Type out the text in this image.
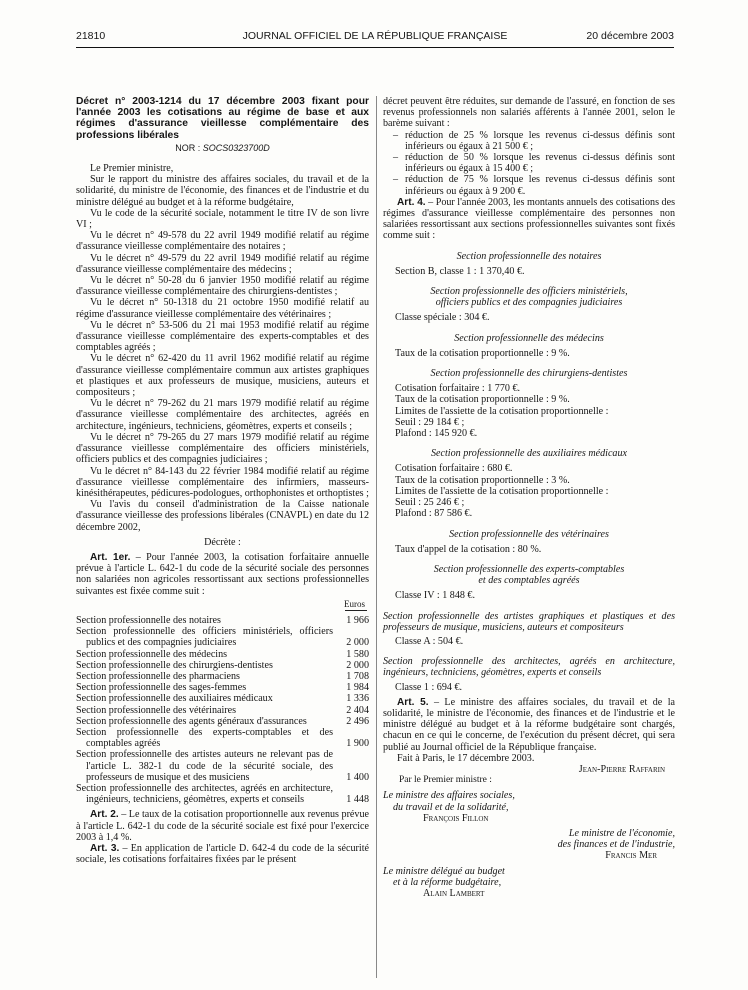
21810	JOURNAL OFFICIEL DE LA RÉPUBLIQUE FRANÇAISE	20 décembre 2003
Décret n° 2003-1214 du 17 décembre 2003 fixant pour l'année 2003 les cotisations au régime de base et aux régimes d'assurance vieillesse complémentaire des professions libérales
NOR : SOCS0323700D

Le Premier ministre,

Sur le rapport du ministre des affaires sociales, du travail et de la solidarité, du ministre de l'économie, des finances et de l'industrie et du ministre délégué au budget et à la réforme budgétaire,

Vu le code de la sécurité sociale, notamment le titre IV de son livre VI ;

Vu le décret n° 49-578 du 22 avril 1949 modifié relatif au régime d'assurance vieillesse complémentaire des notaires ;

Vu le décret n° 49-579 du 22 avril 1949 modifié relatif au régime d'assurance vieillesse complémentaire des médecins ;

Vu le décret n° 50-28 du 6 janvier 1950 modifié relatif au régime d'assurance vieillesse complémentaire des chirurgiens-dentistes ;

Vu le décret n° 50-1318 du 21 octobre 1950 modifié relatif au régime d'assurance vieillesse complémentaire des vétérinaires ;

Vu le décret n° 53-506 du 21 mai 1953 modifié relatif au régime d'assurance vieillesse complémentaire des experts-comptables et des comptables agréés ;

Vu le décret n° 62-420 du 11 avril 1962 modifié relatif au régime d'assurance vieillesse complémentaire commun aux artistes graphiques et plastiques et aux professeurs de musique, musiciens, auteurs et compositeurs ;

Vu le décret n° 79-262 du 21 mars 1979 modifié relatif au régime d'assurance vieillesse complémentaire des architectes, agréés en architecture, ingénieurs, techniciens, géomètres, experts et conseils ;

Vu le décret n° 79-265 du 27 mars 1979 modifié relatif au régime d'assurance vieillesse complémentaire des officiers ministériels, officiers publics et des compagnies judiciaires ;

Vu le décret n° 84-143 du 22 février 1984 modifié relatif au régime d'assurance vieillesse complémentaire des infirmiers, masseurs-kinésithérapeutes, pédicures-podologues, orthophonistes et orthoptistes ;

Vu l'avis du conseil d'administration de la Caisse nationale d'assurance vieillesse des professions libérales (CNAVPL) en date du 12 décembre 2002,

Décrète :

Art. 1er. – Pour l'année 2003, la cotisation forfaitaire annuelle prévue à l'article L. 642-1 du code de la sécurité sociale des personnes non salariées non agricoles ressortissant aux sections professionnelles suivantes est fixée comme suit :

Euros
Section professionnelle des notaires	1 966
Section professionnelle des officiers ministériels, officiers publics et des compagnies judiciaires	2 000
Section professionnelle des médecins	1 580
Section professionnelle des chirurgiens-dentistes	2 000
Section professionnelle des pharmaciens	1 708
Section professionnelle des sages-femmes	1 984
Section professionnelle des auxiliaires médicaux	1 336
Section professionnelle des vétérinaires	2 404
Section professionnelle des agents généraux d'assurances	2 496
Section professionnelle des experts-comptables et des comptables agréés	1 900
Section professionnelle des artistes auteurs ne relevant pas de l'article L. 382-1 du code de la sécurité sociale, des professeurs de musique et des musiciens	1 400
Section professionnelle des architectes, agréés en architecture, ingénieurs, techniciens, géomètres, experts et conseils	1 448

Art. 2. – Le taux de la cotisation proportionnelle aux revenus prévue à l'article L. 642-1 du code de la sécurité sociale est fixé pour l'exercice 2003 à 1,4 %.

Art. 3. – En application de l'article D. 642-4 du code de la sécurité sociale, les cotisations forfaitaires fixées par le présent

décret peuvent être réduites, sur demande de l'assuré, en fonction de ses revenus professionnels non salariés afférents à l'année 2001, selon le barème suivant :

– réduction de 25 % lorsque les revenus ci-dessus définis sont inférieurs ou égaux à 21 500 € ;
– réduction de 50 % lorsque les revenus ci-dessus définis sont inférieurs ou égaux à 15 400 € ;
– réduction de 75 % lorsque les revenus ci-dessus définis sont inférieurs ou égaux à 9 200 €.

Art. 4. – Pour l'année 2003, les montants annuels des cotisations des régimes d'assurance vieillesse complémentaire des personnes non salariées ressortissant aux sections professionnelles suivantes sont fixés comme suit :

Section professionnelle des notaires
Section B, classe 1 : 1 370,40 €.
Section professionnelle des officiers ministériels,
officiers publics et des compagnies judiciaires
Classe spéciale : 304 €.
Section professionnelle des médecins
Taux de la cotisation proportionnelle : 9 %.
Section professionnelle des chirurgiens-dentistes
Cotisation forfaitaire : 1 770 €.
Taux de la cotisation proportionnelle : 9 %.
Limites de l'assiette de la cotisation proportionnelle :
Seuil : 29 184 € ;
Plafond : 145 920 €.
Section professionnelle des auxiliaires médicaux
Cotisation forfaitaire : 680 €.
Taux de la cotisation proportionnelle : 3 %.
Limites de l'assiette de la cotisation proportionnelle :
Seuil : 25 246 € ;
Plafond : 87 586 €.
Section professionnelle des vétérinaires
Taux d'appel de la cotisation : 80 %.
Section professionnelle des experts-comptables
et des comptables agréés
Classe IV : 1 848 €.
Section professionnelle des artistes graphiques et plastiques et des professeurs de musique, musiciens, auteurs et compositeurs
Classe A : 504 €.
Section professionnelle des architectes, agréés en architecture, ingénieurs, techniciens, géomètres, experts et conseils
Classe 1 : 694 €.

Art. 5. – Le ministre des affaires sociales, du travail et de la solidarité, le ministre de l'économie, des finances et de l'industrie et le ministre délégué au budget et à la réforme budgétaire sont chargés, chacun en ce qui le concerne, de l'exécution du présent décret, qui sera publié au Journal officiel de la République française.

Fait à Paris, le 17 décembre 2003.

Jean-Pierre Raffarin
Par le Premier ministre :
Le ministre des affaires sociales,
du travail et de la solidarité,
François Fillon
Le ministre de l'économie,
des finances et de l'industrie,
Francis Mer
Le ministre délégué au budget
et à la réforme budgétaire,
Alain Lambert
